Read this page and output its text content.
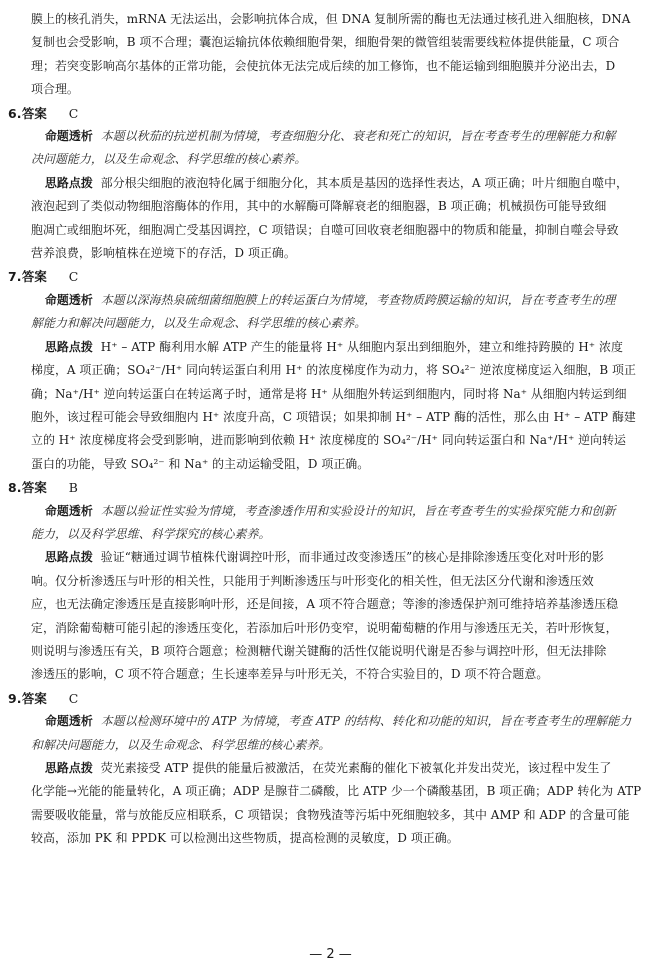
膜上的核孔消失，mRNA 无法运出，会影响抗体合成，但 DNA 复制所需的酶也无法通过核孔进入细胞核，DNA
复制也会受影响，B 项不合理；囊泡运输抗体依赖细胞骨架，细胞骨架的微管组装需要线粒体提供能量，C 项合
理；若突变影响高尔基体的正常功能，会使抗体无法完成后续的加工修饰，也不能运输到细胞膜并分泌出去，D
项合理。
6.答案 C
命题透析 本题以秋茄的抗逆机制为情境，考查细胞分化、衰老和死亡的知识，旨在考查考生的理解能力和解
决问题能力，以及生命观念、科学思维的核心素养。
思路点拨 部分根尖细胞的液泡特化属于细胞分化，其本质是基因的选择性表达，A 项正确；叶片细胞自噬中，
液泡起到了类似动物细胞溶酶体的作用，其中的水解酶可降解衰老的细胞器，B 项正确；机械损伤可能导致细
胞凋亡或细胞坏死，细胞凋亡受基因调控，C 项错误；自噬可回收衰老细胞器中的物质和能量，抑制自噬会导致
营养浪费，影响植株在逆境下的存活，D 项正确。
7.答案 C
命题透析 本题以深海热泉硫细菌细胞膜上的转运蛋白为情境，考查物质跨膜运输的知识，旨在考查考生的理
解能力和解决问题能力，以及生命观念、科学思维的核心素养。
思路点拨 H⁺ – ATP 酶利用水解 ATP 产生的能量将 H⁺ 从细胞内泵出到细胞外，建立和维持跨膜的 H⁺ 浓度
梯度，A 项正确；SO₄²⁻/H⁺ 同向转运蛋白利用 H⁺ 的浓度梯度作为动力，将 SO₄²⁻ 逆浓度梯度运入细胞，B 项正
确；Na⁺/H⁺ 逆向转运蛋白在转运离子时，通常是将 H⁺ 从细胞外转运到细胞内，同时将 Na⁺ 从细胞内转运到细
胞外，该过程可能会导致细胞内 H⁺ 浓度升高，C 项错误；如果抑制 H⁺ – ATP 酶的活性，那么由 H⁺ – ATP 酶建
立的 H⁺ 浓度梯度将会受到影响，进而影响到依赖 H⁺ 浓度梯度的 SO₄²⁻/H⁺ 同向转运蛋白和 Na⁺/H⁺ 逆向转运
蛋白的功能，导致 SO₄²⁻ 和 Na⁺ 的主动运输受阻，D 项正确。
8.答案 B
命题透析 本题以验证性实验为情境，考查渗透作用和实验设计的知识，旨在考查考生的实验探究能力和创新
能力，以及科学思维、科学探究的核心素养。
思路点拨 验证“糖通过调节植株代谢调控叶形，而非通过改变渗透压”的核心是排除渗透压变化对叶形的影
响。仅分析渗透压与叶形的相关性，只能用于判断渗透压与叶形变化的相关性，但无法区分代谢和渗透压效
应，也无法确定渗透压是直接影响叶形，还是间接，A 项不符合题意；等渗的渗透保护剂可维持培养基渗透压稳
定，消除葡萄糖可能引起的渗透压变化，若添加后叶形仍变窄，说明葡萄糖的作用与渗透压无关，若叶形恢复，
则说明与渗透压有关，B 项符合题意；检测糖代谢关键酶的活性仅能说明代谢是否参与调控叶形，但无法排除
渗透压的影响，C 项不符合题意；生长速率差异与叶形无关，不符合实验目的，D 项不符合题意。
9.答案 C
命题透析 本题以检测环境中的 ATP 为情境，考查 ATP 的结构、转化和功能的知识，旨在考查考生的理解能力
和解决问题能力，以及生命观念、科学思维的核心素养。
思路点拨 荧光素接受 ATP 提供的能量后被激活，在荧光素酶的催化下被氧化并发出荧光，该过程中发生了
化学能→光能的能量转化，A 项正确；ADP 是腺苷二磷酸，比 ATP 少一个磷酸基团，B 项正确；ADP 转化为 ATP
需要吸收能量，常与放能反应相联系，C 项错误；食物残渣等污垢中死细胞较多，其中 AMP 和 ADP 的含量可能
较高，添加 PK 和 PPDK 可以检测出这些物质，提高检测的灵敏度，D 项正确。
— 2 —
